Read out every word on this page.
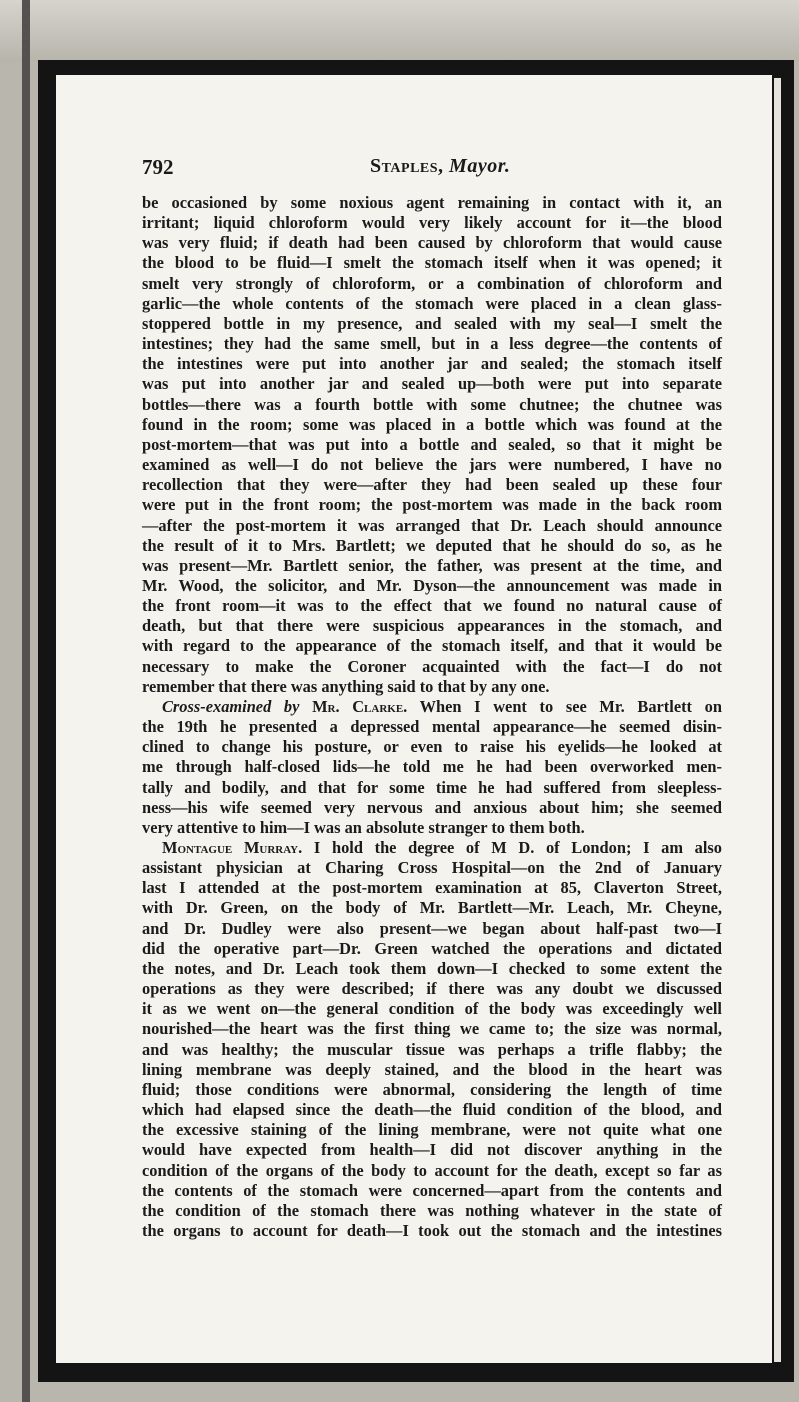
792	Staples, Mayor.
be occasioned by some noxious agent remaining in contact with it, an
irritant; liquid chloroform would very likely account for it—the blood
was very fluid; if death had been caused by chloroform that would cause
the blood to be fluid—I smelt the stomach itself when it was opened; it
smelt very strongly of chloroform, or a combination of chloroform and
garlic—the whole contents of the stomach were placed in a clean glass-
stoppered bottle in my presence, and sealed with my seal—I smelt the
intestines; they had the same smell, but in a less degree—the contents of
the intestines were put into another jar and sealed; the stomach itself
was put into another jar and sealed up—both were put into separate
bottles—there was a fourth bottle with some chutnee; the chutnee was
found in the room; some was placed in a bottle which was found at the
post-mortem—that was put into a bottle and sealed, so that it might be
examined as well—I do not believe the jars were numbered, I have no
recollection that they were—after they had been sealed up these four
were put in the front room; the post-mortem was made in the back room
—after the post-mortem it was arranged that Dr. Leach should announce
the result of it to Mrs. Bartlett; we deputed that he should do so, as he
was present—Mr. Bartlett senior, the father, was present at the time, and
Mr. Wood, the solicitor, and Mr. Dyson—the announcement was made in
the front room—it was to the effect that we found no natural cause of
death, but that there were suspicious appearances in the stomach, and
with regard to the appearance of the stomach itself, and that it would be
necessary to make the Coroner acquainted with the fact—I do not
remember that there was anything said to that by any one.
Cross-examined by Mr. Clarke. When I went to see Mr. Bartlett on
the 19th he presented a depressed mental appearance—he seemed disin-
clined to change his posture, or even to raise his eyelids—he looked at
me through half-closed lids—he told me he had been overworked men-
tally and bodily, and that for some time he had suffered from sleepless-
ness—his wife seemed very nervous and anxious about him; she seemed
very attentive to him—I was an absolute stranger to them both.
Montague Murray. I hold the degree of M D. of London; I am also
assistant physician at Charing Cross Hospital—on the 2nd of January
last I attended at the post-mortem examination at 85, Claverton Street,
with Dr. Green, on the body of Mr. Bartlett—Mr. Leach, Mr. Cheyne,
and Dr. Dudley were also present—we began about half-past two—I
did the operative part—Dr. Green watched the operations and dictated
the notes, and Dr. Leach took them down—I checked to some extent the
operations as they were described; if there was any doubt we discussed
it as we went on—the general condition of the body was exceedingly well
nourished—the heart was the first thing we came to; the size was normal,
and was healthy; the muscular tissue was perhaps a trifle flabby; the
lining membrane was deeply stained, and the blood in the heart was
fluid; those conditions were abnormal, considering the length of time
which had elapsed since the death—the fluid condition of the blood, and
the excessive staining of the lining membrane, were not quite what one
would have expected from health—I did not discover anything in the
condition of the organs of the body to account for the death, except so far as
the contents of the stomach were concerned—apart from the contents and
the condition of the stomach there was nothing whatever in the state of
the organs to account for death—I took out the stomach and the intestines
